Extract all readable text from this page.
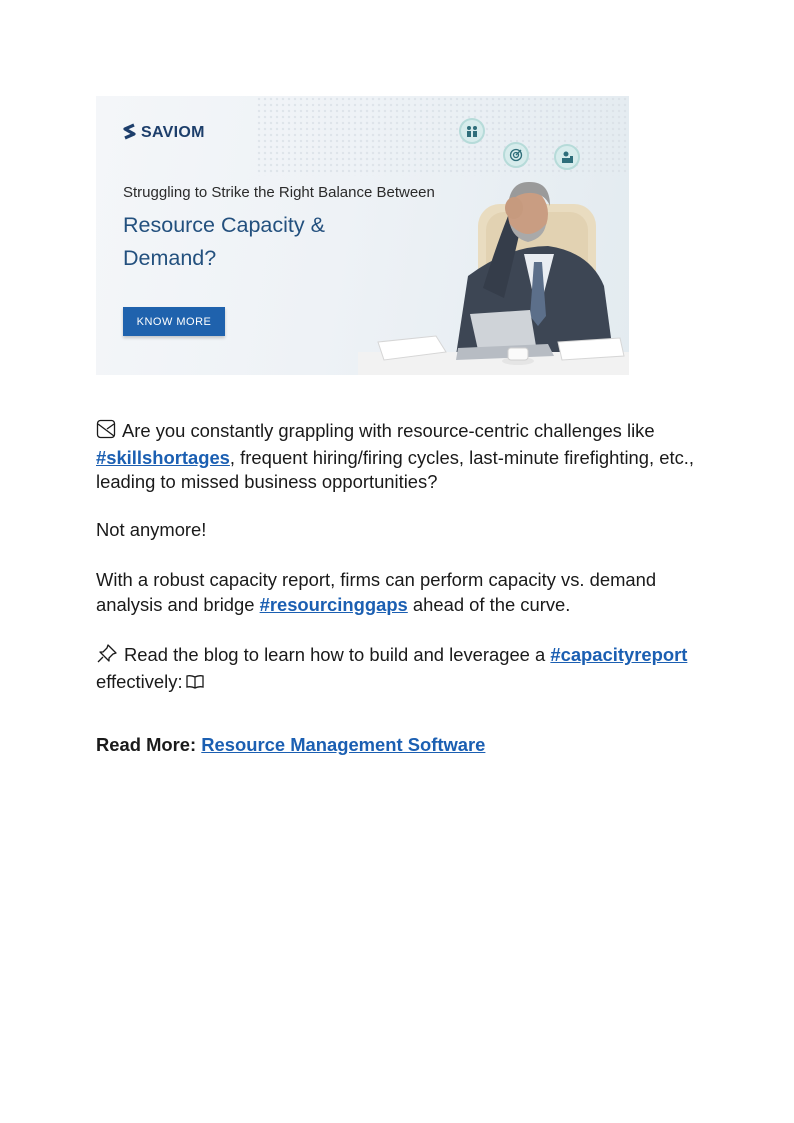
SAVIOM
Struggling to Strike the Right Balance Between
Resource Capacity & Demand?
KNOW MORE
Are you constantly grappling with resource-centric challenges like #skillshortages, frequent hiring/firing cycles, last-minute firefighting, etc., leading to missed business opportunities?
Not anymore!
With a robust capacity report, firms can perform capacity vs. demand analysis and bridge #resourcinggaps ahead of the curve.
Read the blog to learn how to build and leveragee a #capacityreport effectively:
Read More: Resource Management Software
